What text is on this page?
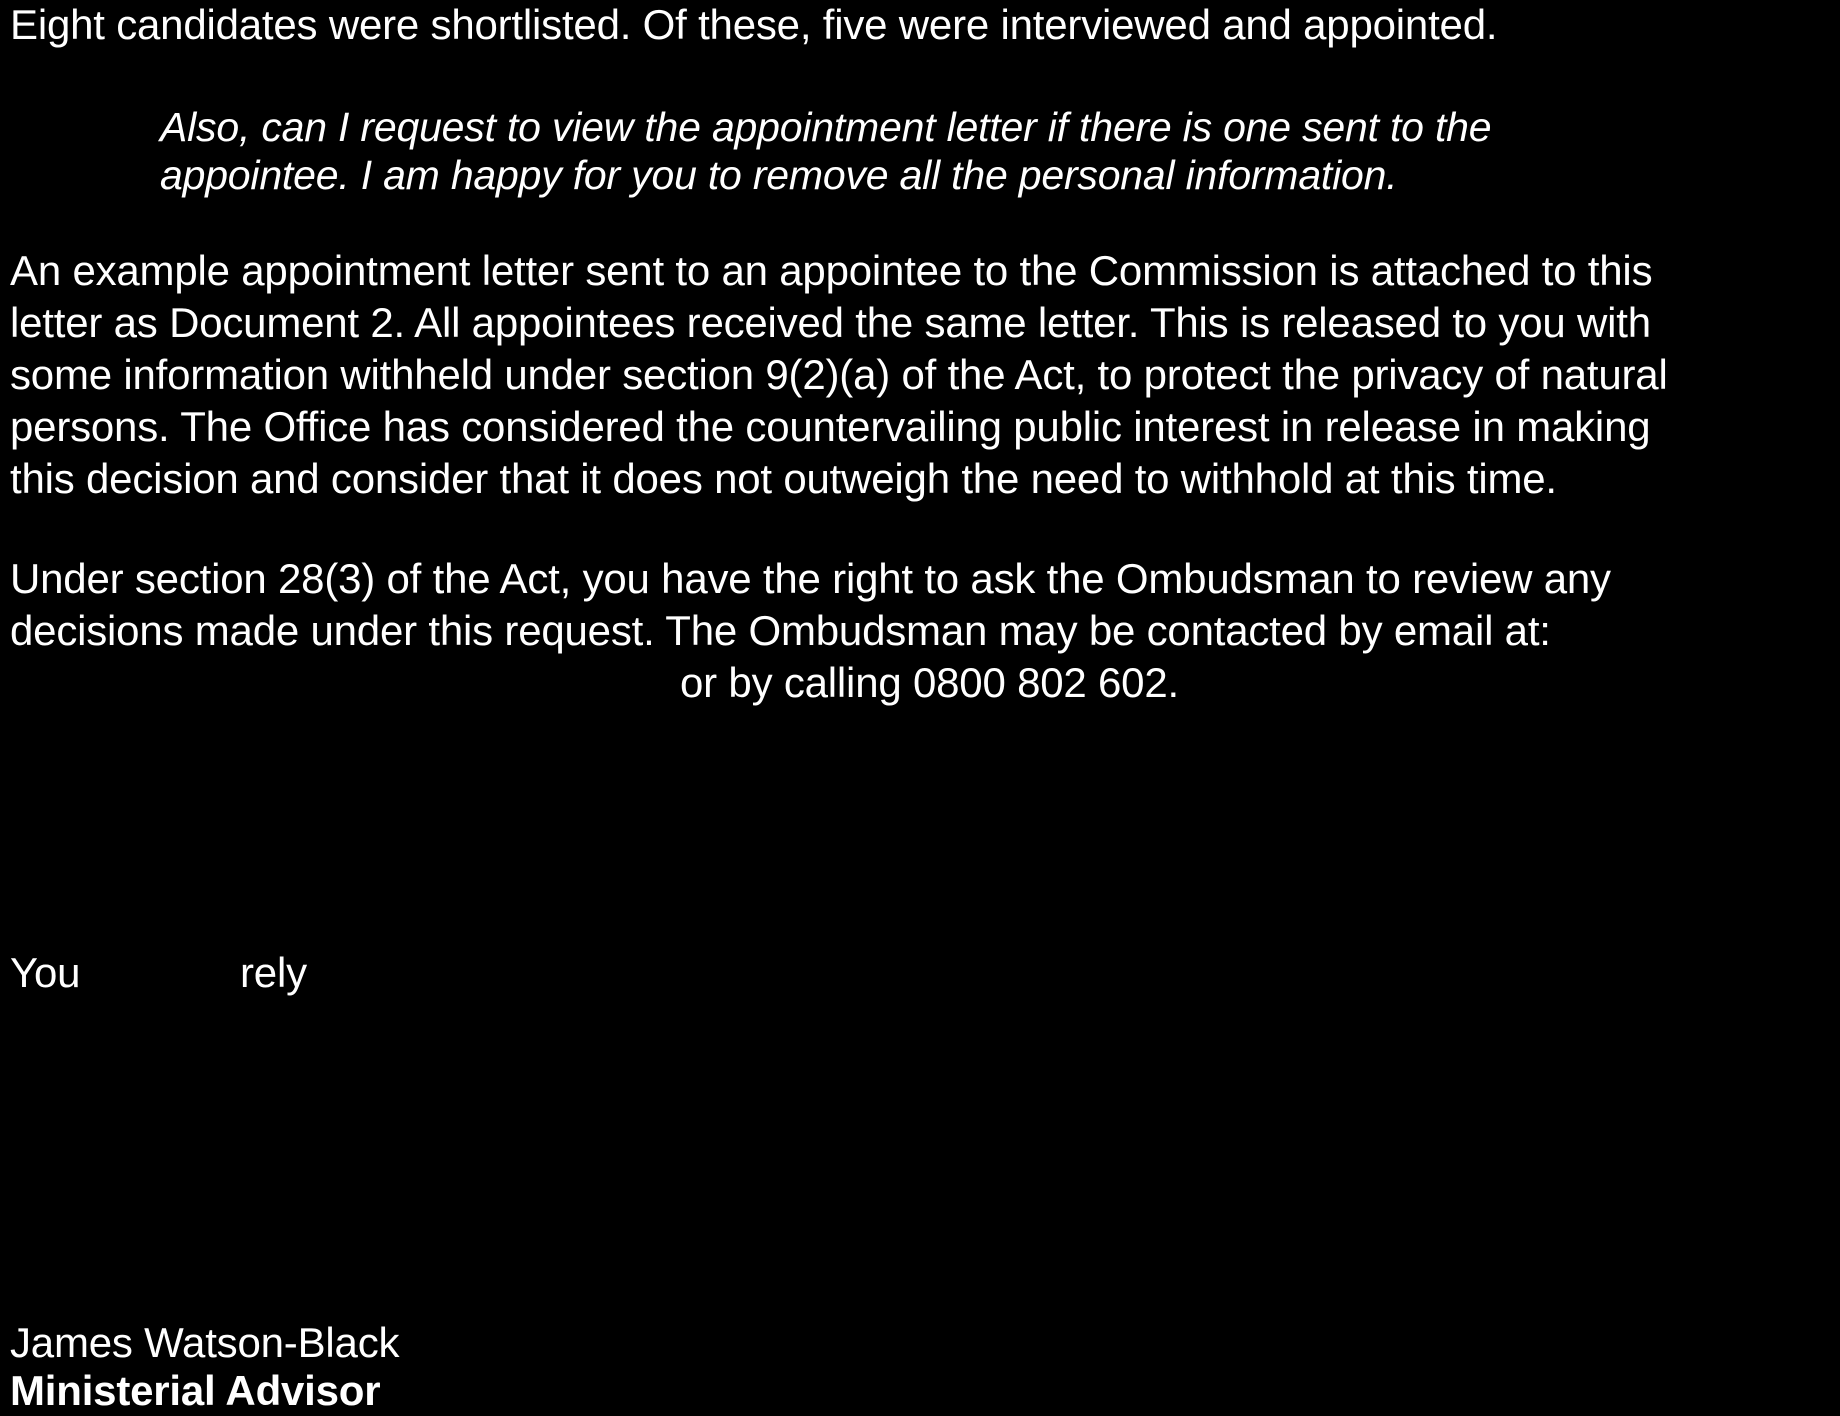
Eight candidates were shortlisted. Of these, five were interviewed and appointed.
Also, can I request to view the appointment letter if there is one sent to the
appointee. I am happy for you to remove all the personal information.
An example appointment letter sent to an appointee to the Commission is attached to this
letter as Document 2. All appointees received the same letter. This is released to you with
some information withheld under section 9(2)(a) of the Act, to protect the privacy of natural
persons. The Office has considered the countervailing public interest in release in making
this decision and consider that it does not outweigh the need to withhold at this time.
Under section 28(3) of the Act, you have the right to ask the Ombudsman to review any
decisions made under this request. The Ombudsman may be contacted by email at:
or by calling 0800 802 602.
You	rely
James Watson-Black
Ministerial Advisor
